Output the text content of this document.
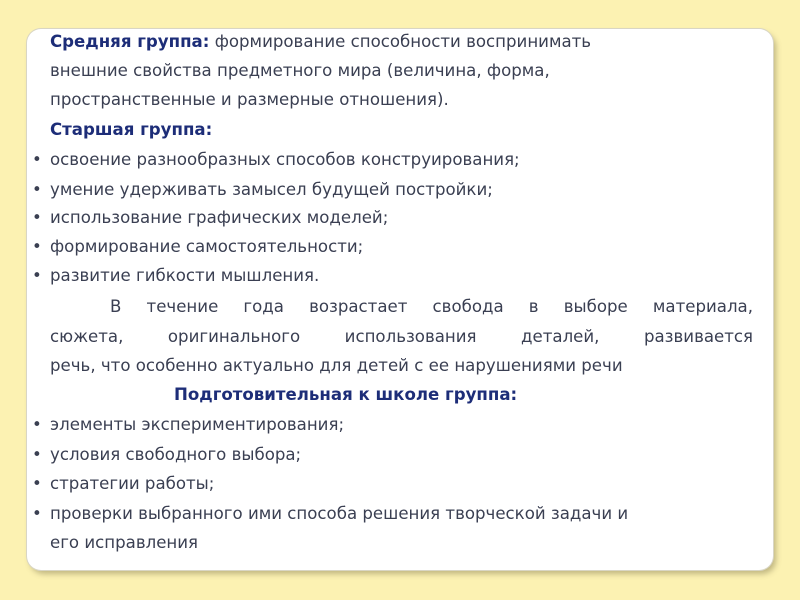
Средняя группа: формирование способности воспринимать
внешние свойства предметного мира (величина, форма,
пространственные и размерные отношения).
Старшая группа:
• освоение разнообразных способов конструирования;
• умение удерживать замысел будущей постройки;
• использование графических моделей;
• формирование самостоятельности;
• развитие гибкости мышления.
В течение года возрастает свобода в выборе материала,
сюжета, оригинального использования деталей, развивается
речь, что особенно актуально для детей с ее нарушениями речи
Подготовительная к школе группа:
• элементы экспериментирования;
• условия свободного выбора;
• стратегии работы;
• проверки выбранного ими способа решения творческой задачи и
его исправления
